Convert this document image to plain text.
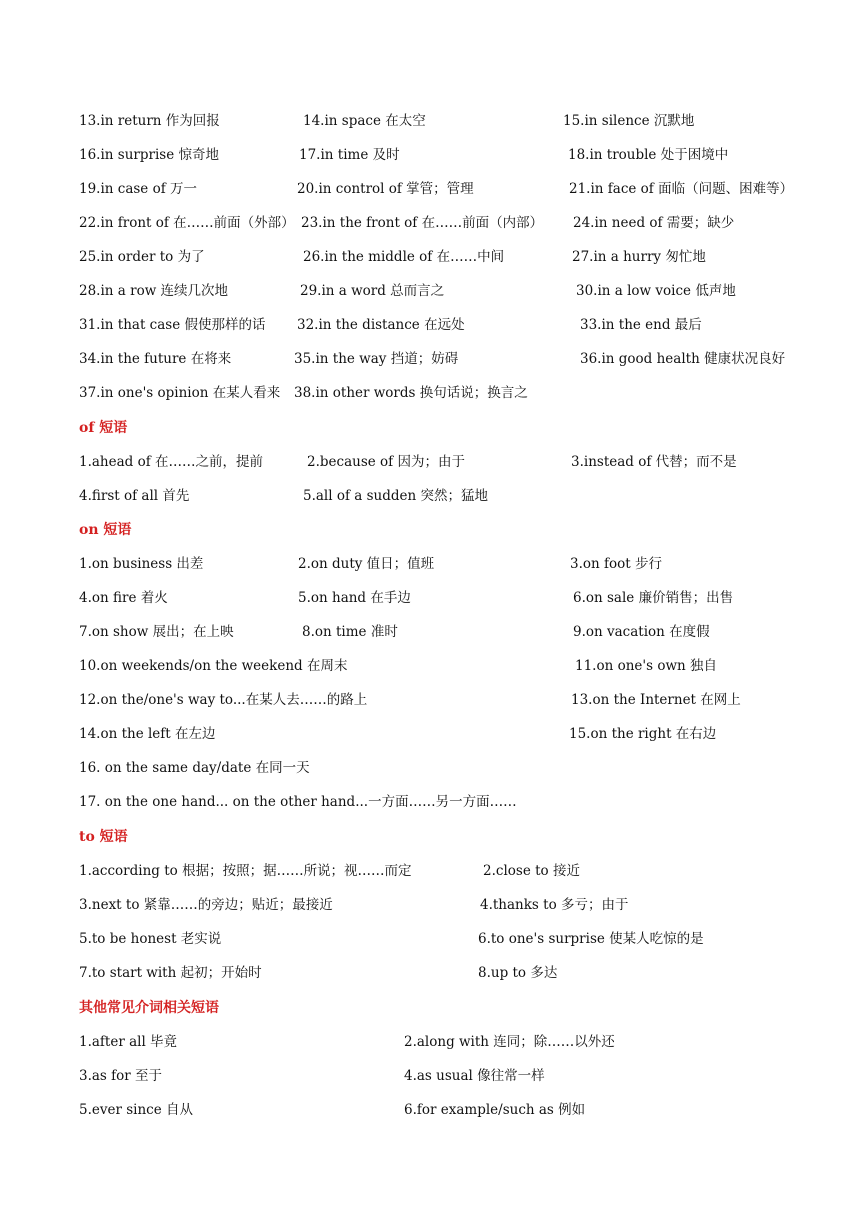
13.in return 作为回报	14.in space 在太空	15.in silence 沉默地
16.in surprise 惊奇地	17.in time 及时	18.in trouble 处于困境中
19.in case of 万一	20.in control of 掌管；管理	21.in face of 面临（问题、困难等）
22.in front of 在……前面（外部） 23.in the front of 在……前面（内部） 24.in need of 需要；缺少
25.in order to 为了	26.in the middle of 在……中间	27.in a hurry 匆忙地
28.in a row 连续几次地	29.in a word 总而言之	30.in a low voice 低声地
31.in that case 假使那样的话 32.in the distance 在远处	33.in the end 最后
34.in the future 在将来	35.in the way 挡道；妨碍	36.in good health 健康状况良好
37.in one's opinion 在某人看来 38.in other words 换句话说；换言之
of 短语
1.ahead of 在……之前，提前	2.because of 因为；由于	3.instead of 代替；而不是
4.first of all 首先	5.all of a sudden 突然；猛地
on 短语
1.on business 出差	2.on duty 值日；值班	3.on foot 步行
4.on fire 着火	5.on hand 在手边	6.on sale 廉价销售；出售
7.on show 展出；在上映	8.on time 准时	9.on vacation 在度假
10.on weekends/on the weekend 在周末	11.on one's own 独自
12.on the/one's way to...在某人去……的路上	13.on the Internet 在网上
14.on the left 在左边	15.on the right 在右边
16. on the same day/date 在同一天
17. on the one hand... on the other hand...一方面……另一方面……
to 短语
1.according to 根据；按照；据……所说；视……而定	2.close to 接近
3.next to 紧靠……的旁边；贴近；最接近	4.thanks to 多亏；由于
5.to be honest 老实说	6.to one's surprise 使某人吃惊的是
7.to start with 起初；开始时	8.up to 多达
其他常见介词相关短语
1.after all 毕竟	2.along with 连同；除……以外还
3.as for 至于	4.as usual 像往常一样
5.ever since 自从	6.for example/such as 例如
